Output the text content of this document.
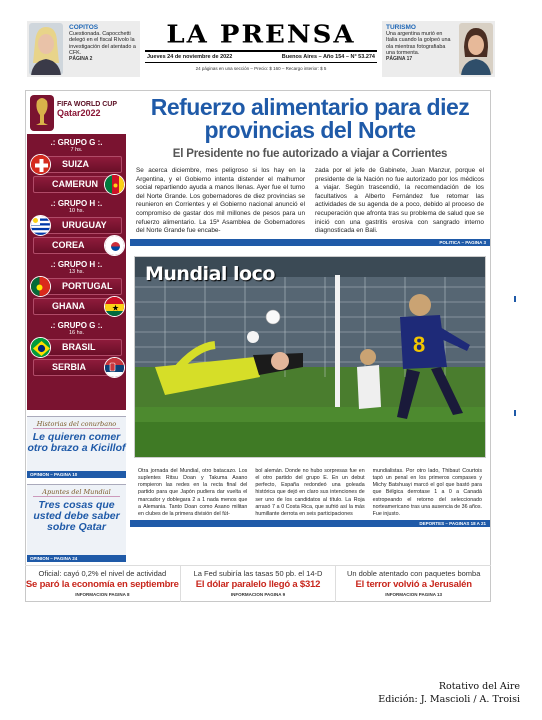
COPITOS
Cuestionada. Capocchetti delegó en el fiscal Rívolo la investigación del atentado a CFK.
PÁGINA 2
LA PRENSA
Jueves 24 de noviembre de 2022	Buenos Aires – Año 154 – N° 53.274
24 páginas en una sección – Precio: $ 160 – Recargo interior: $ 5
TURISMO
Una argentina murió en Italia cuando la golpeó una ola mientras fotografiaba una tormenta.
PÁGINA 17
FIFA WORLD CUP
Qatar2022
.: GRUPO G :.
7 hs.
SUIZA
CAMERUN
.: GRUPO H :.
10 hs.
URUGUAY
COREA
.: GRUPO H :.
13 hs.
PORTUGAL
GHANA
.: GRUPO G :.
16 hs.
BRASIL
SERBIA
Historias del conurbano
Le quieren comer otro brazo a Kicillof
OPINION – PAGINA 10
Apuntes del Mundial
Tres cosas que usted debe saber sobre Qatar
OPINION – PAGINA 24
Refuerzo alimentario para diez provincias del Norte
El Presidente no fue autorizado a viajar a Corrientes

Se acerca diciembre, mes peligroso si los hay en la Argentina, y el Gobierno intenta distender el malhumor social repartiendo ayuda a manos llenas. Ayer fue el turno del Norte Grande. Los gobernadores de diez provincias se reunieron en Corrientes y el Gobierno nacional anunció el compromiso de gastar dos mil millones de pesos para un refuerzo alimentario. La 15ª Asamblea de Gobernadores del Norte Grande fue encabe-

zada por el jefe de Gabinete, Juan Manzur, porque el presidente de la Nación no fue autorizado por los médicos a viajar. Según trascendió, la recomendación de los facultativos a Alberto Fernández fue retomar las actividades de su agenda de a poco, debido al proceso de recuperación que afronta tras su problema de salud que se inició con una gastritis erosiva con sangrado interno diagnosticada en Bali.

POLITICA – PAGINA 3
8
Mundial loco

Otra jornada del Mundial, otro batacazo. Los suplentes Ritsu Doan y Takuma Asano rompieron las redes en la recta final del partido para que Japón pudiera dar vuelta el marcador y doblegara 2 a 1 nada menos que a Alemania. Tanto Doan como Asano militan en clubes de la primera división del fút-

bol alemán. Donde no hubo sorpresas fue en el otro partido del grupo E. En un debut perfecto, España redondeó una goleada histórica que dejó en claro sus intenciones de ser uno de los candidatos al título. La Roja arrasó 7 a 0 Costa Rica, que sufrió así la más humillante derrota en seis participaciones

mundialistas. Por otro lado, Thibaut Courtois tapó un penal en los primeros compases y Michy Batshuayi marcó el gol que bastó para que Bélgica derrotase 1 a 0 a Canadá estropeando el retorno del seleccionado norteamericano tras una ausencia de 36 años. Fue injusto.

DEPORTES – PAGINAS 18 A 21
Oficial: cayó 0,2% el nivel de actividad
Se paró la economía en septiembre
INFORMACION PAGINA 8
La Fed subiría las tasas 50 pb. el 14-D
El dólar paralelo llegó a $312
INFORMACION PAGINA 9
Un doble atentado con paquetes bomba
El terror volvió a Jerusalén
INFORMACION PAGINA 13
Rotativo del Aire
Edición: J. Mascioli / A. Troisi
